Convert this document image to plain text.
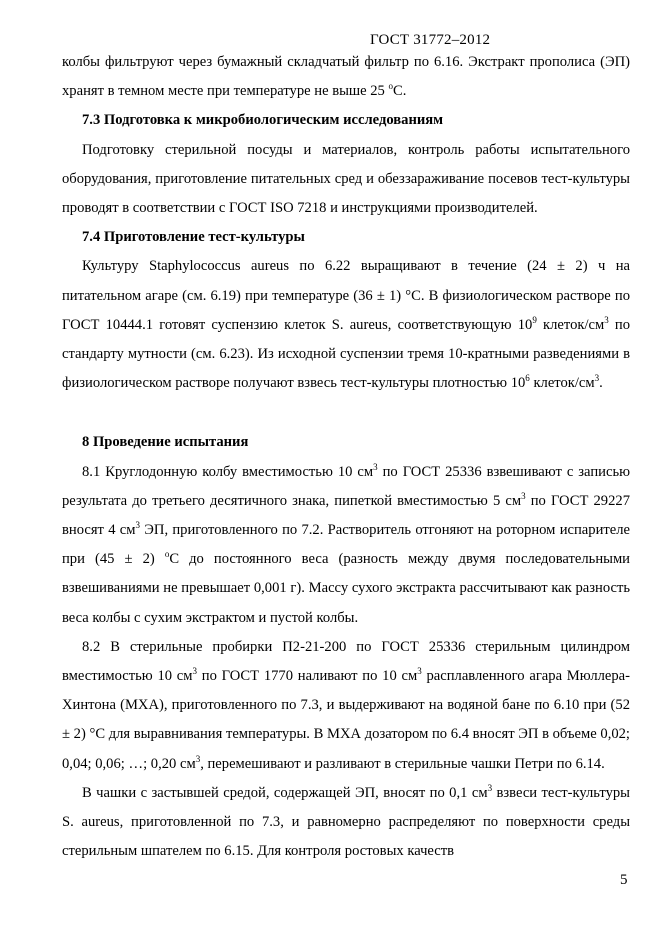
ГОСТ 31772–2012

колбы фильтруют через бумажный складчатый фильтр по 6.16. Экстракт прополиса (ЭП) хранят в темном месте при температуре не выше 25 $^o$С.

7.3 Подготовка к микробиологическим исследованиям

Подготовку стерильной посуды и материалов, контроль работы испытательного оборудования, приготовление питательных сред и обеззараживание посевов тест-культуры проводят в соответствии с ГОСТ ISO 7218 и инструкциями производителей.

7.4 Приготовление тест-культуры

Культуру Staphylococcus aureus по 6.22 выращивают в течение (24 ± 2) ч на питательном агаре (см. 6.19) при температуре (36 ± 1) °С. В физиологическом растворе по ГОСТ 10444.1 готовят суспензию клеток S. aureus, соответствующую $10^9$ клеток/$см^3$ по стандарту мутности (см. 6.23). Из исходной суспензии тремя 10-кратными разведениями в физиологическом растворе получают взвесь тест-культуры плотностью $10^6$ клеток/$см^3$.

8 Проведение испытания

8.1 Круглодонную колбу вместимостью 10 $см^3$ по ГОСТ 25336 взвешивают с записью результата до третьего десятичного знака, пипеткой вместимостью 5 $см^3$ по ГОСТ 29227 вносят 4 $см^3$ ЭП, приготовленного по 7.2. Растворитель отгоняют на роторном испарителе при (45 ± 2) $^o$С до постоянного веса (разность между двумя последовательными взвешиваниями не превышает 0,001 г). Массу сухого экстракта рассчитывают как разность веса колбы с сухим экстрактом и пустой колбы.

8.2 В стерильные пробирки П2-21-200 по ГОСТ 25336 стерильным цилиндром вместимостью 10 $см^3$ по ГОСТ 1770 наливают по 10 $см^3$ расплавленного агара Мюллера-Хинтона (МХА), приготовленного по 7.3, и выдерживают на водяной бане по 6.10 при (52 ± 2) °С для выравнивания температуры. В МХА дозатором по 6.4 вносят ЭП в объеме 0,02; 0,04; 0,06; …; 0,20 $см^3$, перемешивают и разливают в стерильные чашки Петри по 6.14.

В чашки с застывшей средой, содержащей ЭП, вносят по 0,1 $см^3$ взвеси тест-культуры S. aureus, приготовленной по 7.3, и равномерно распределяют по поверхности среды стерильным шпателем по 6.15. Для контроля ростовых качеств

5
